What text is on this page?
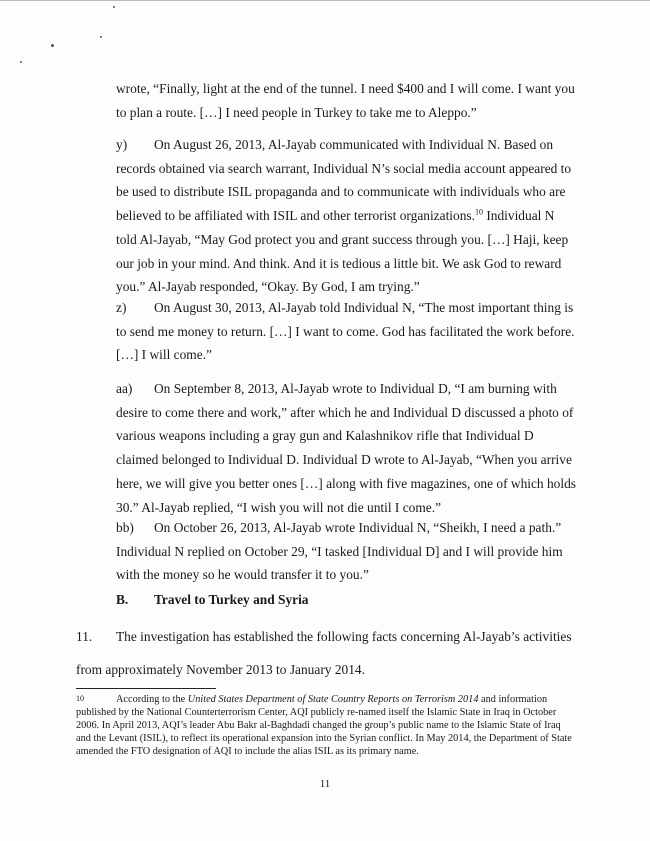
wrote, “Finally, light at the end of the tunnel. I need $400 and I will come. I want you to plan a route. […] I need people in Turkey to take me to Aleppo.”

y) On August 26, 2013, Al-Jayab communicated with Individual N. Based on records obtained via search warrant, Individual N’s social media account appeared to be used to distribute ISIL propaganda and to communicate with individuals who are believed to be affiliated with ISIL and other terrorist organizations.$^{10}$ Individual N told Al-Jayab, “May God protect you and grant success through you. […] Haji, keep our job in your mind. And think. And it is tedious a little bit. We ask God to reward you.” Al-Jayab responded, “Okay. By God, I am trying.”

z) On August 30, 2013, Al-Jayab told Individual N, “The most important thing is to send me money to return. […] I want to come. God has facilitated the work before. […] I will come.”

aa) On September 8, 2013, Al-Jayab wrote to Individual D, “I am burning with desire to come there and work,” after which he and Individual D discussed a photo of various weapons including a gray gun and Kalashnikov rifle that Individual D claimed belonged to Individual D. Individual D wrote to Al-Jayab, “When you arrive here, we will give you better ones […] along with five magazines, one of which holds 30.” Al-Jayab replied, “I wish you will not die until I come.”

bb) On October 26, 2013, Al-Jayab wrote Individual N, “Sheikh, I need a path.” Individual N replied on October 29, “I tasked [Individual D] and I will provide him with the money so he would transfer it to you.”

B. Travel to Turkey and Syria

11. The investigation has established the following facts concerning Al-Jayab’s activities from approximately November 2013 to January 2014.

10	According to the United States Department of State Country Reports on Terrorism 2014 and information published by the National Counterterrorism Center, AQI publicly re-named itself the Islamic State in Iraq in October 2006. In April 2013, AQI’s leader Abu Bakr al-Baghdadi changed the group’s public name to the Islamic State of Iraq and the Levant (ISIL), to reflect its operational expansion into the Syrian conflict. In May 2014, the Department of State amended the FTO designation of AQI to include the alias ISIL as its primary name.

11
